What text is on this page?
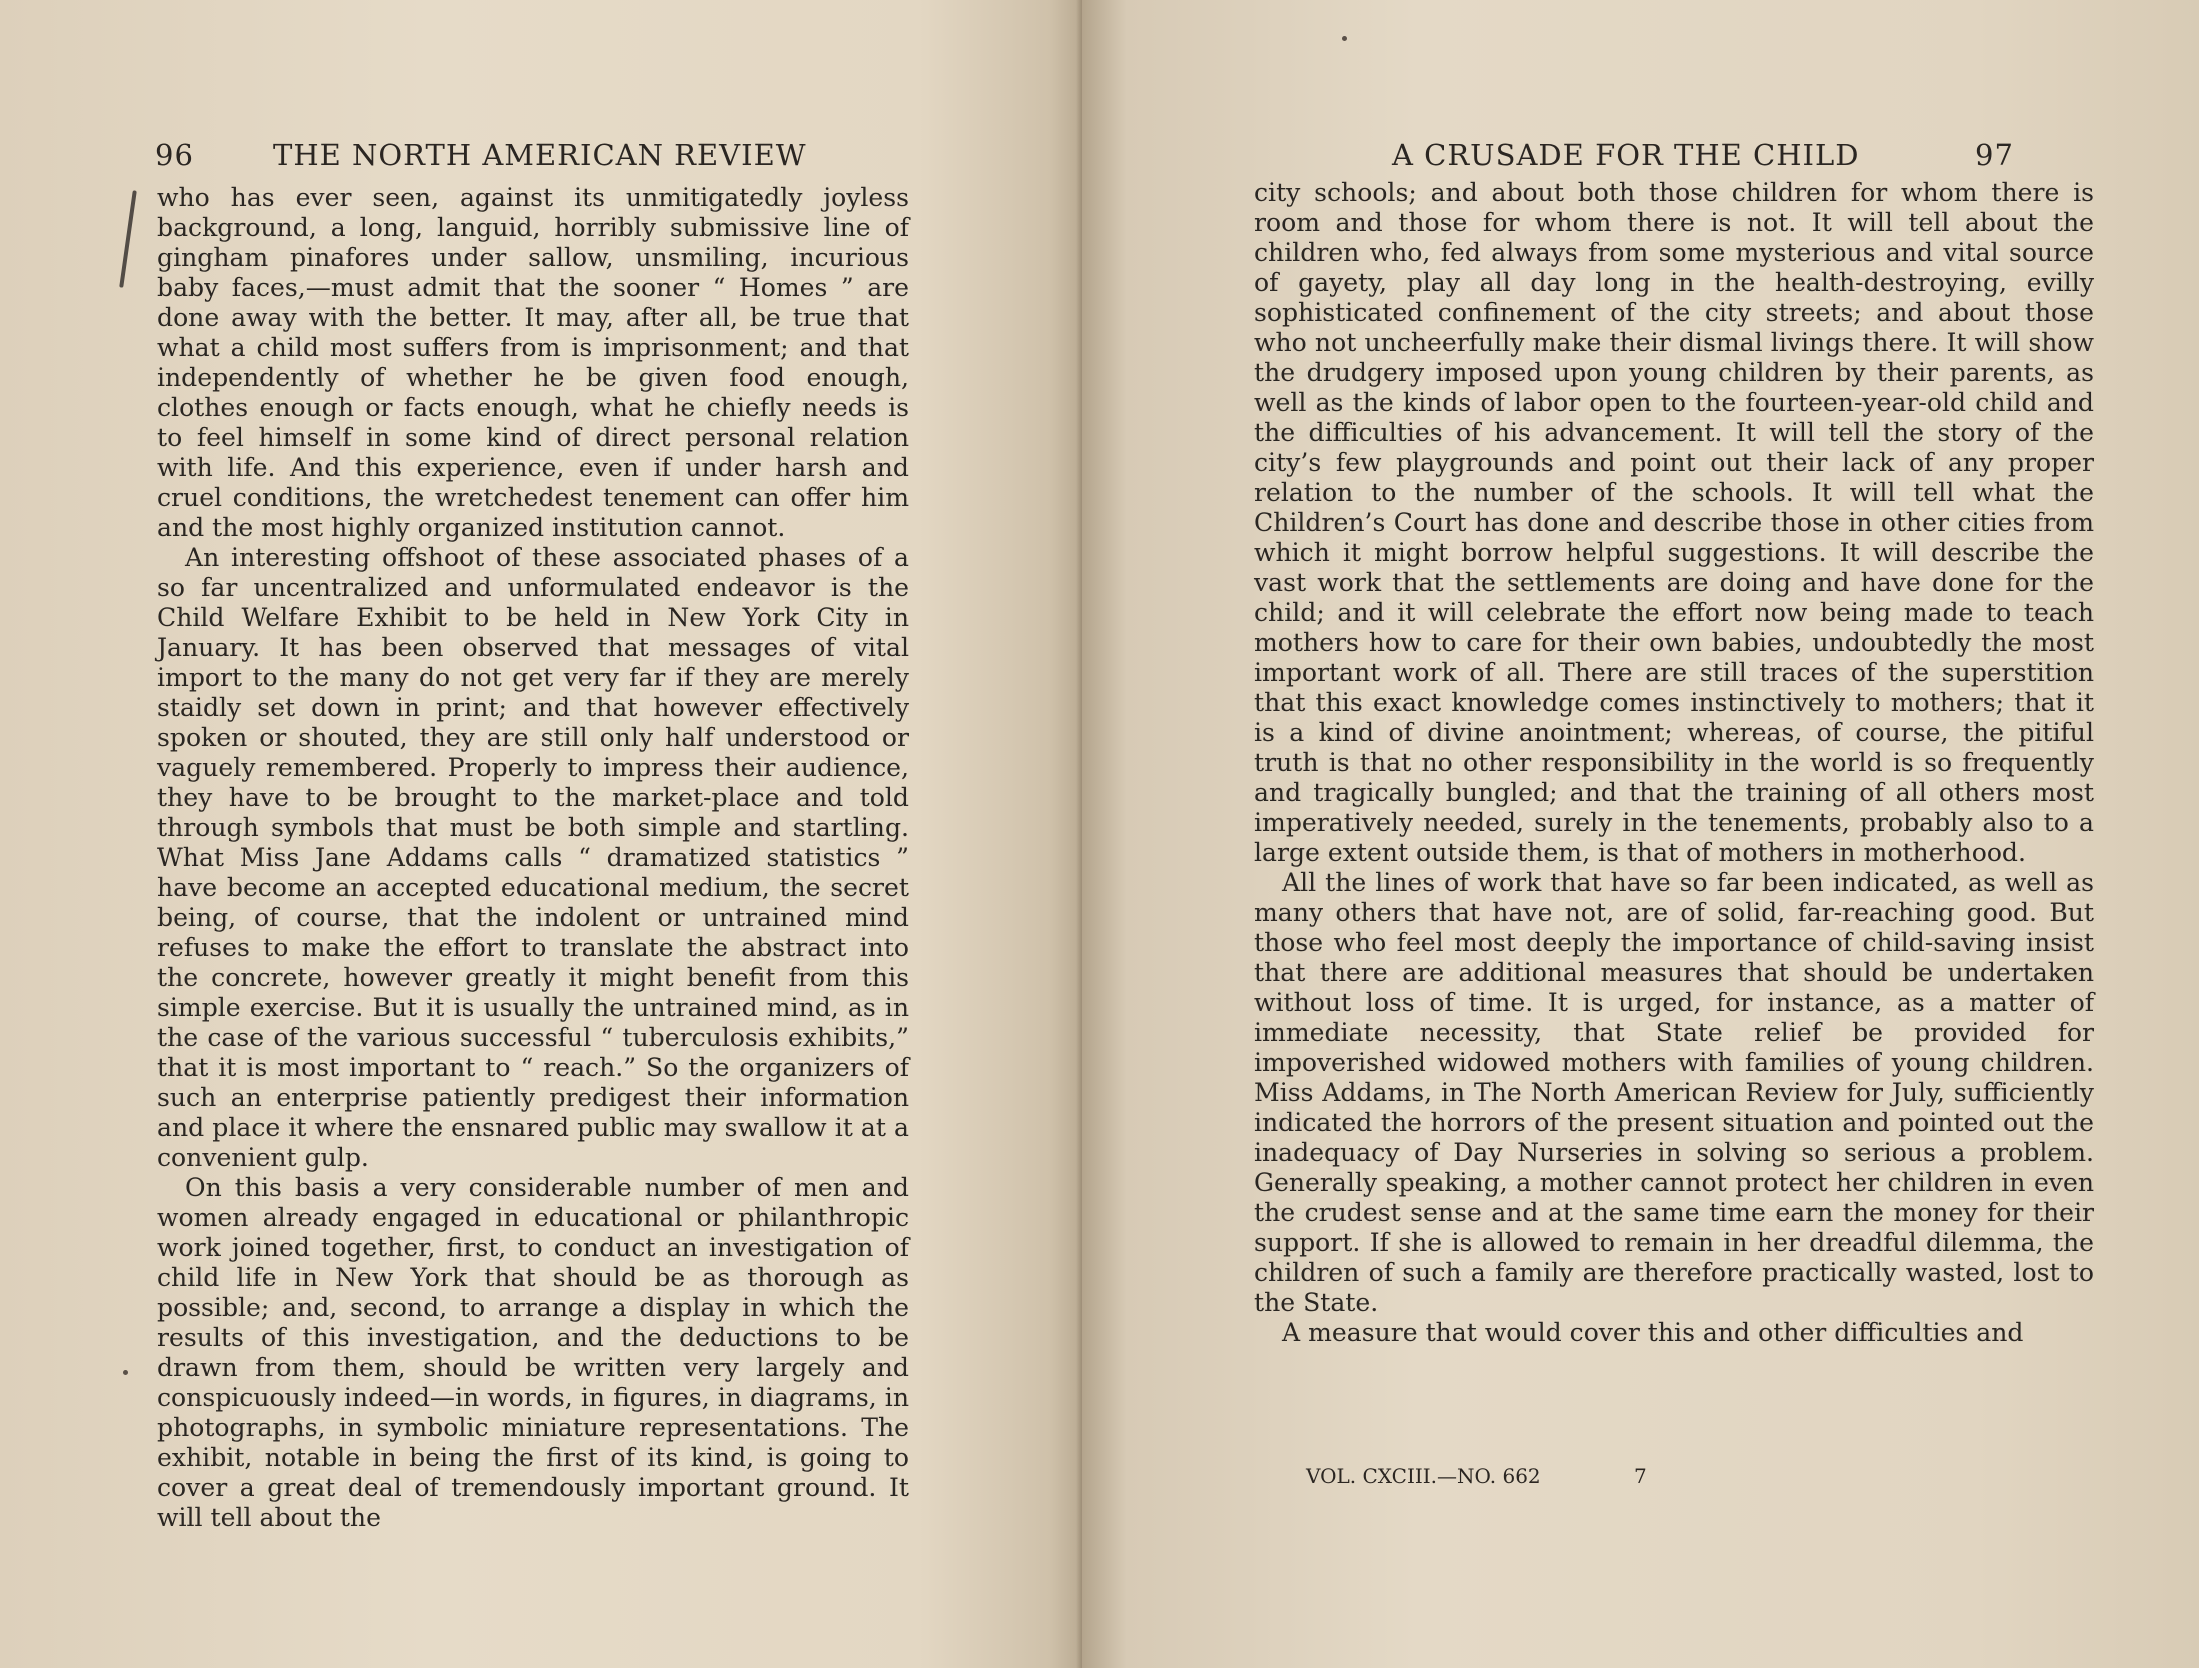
96	THE NORTH AMERICAN REVIEW

who has ever seen, against its unmitigatedly joyless background, a long, languid, horribly submissive line of gingham pinafores under sallow, unsmiling, incurious baby faces,—must admit that the sooner “ Homes ” are done away with the better. It may, after all, be true that what a child most suffers from is imprisonment; and that independently of whether he be given food enough, clothes enough or facts enough, what he chiefly needs is to feel himself in some kind of direct personal relation with life. And this experience, even if under harsh and cruel conditions, the wretchedest tenement can offer him and the most highly organized institution cannot.

An interesting offshoot of these associated phases of a so far uncentralized and unformulated endeavor is the Child Welfare Exhibit to be held in New York City in January. It has been observed that messages of vital import to the many do not get very far if they are merely staidly set down in print; and that however effectively spoken or shouted, they are still only half understood or vaguely remembered. Properly to impress their audience, they have to be brought to the market-place and told through symbols that must be both simple and startling. What Miss Jane Addams calls “ dramatized statistics ” have become an accepted educational medium, the secret being, of course, that the indolent or untrained mind refuses to make the effort to translate the abstract into the concrete, however greatly it might benefit from this simple exercise. But it is usually the untrained mind, as in the case of the various successful “ tuberculosis exhibits,” that it is most important to “ reach.” So the organizers of such an enterprise patiently predigest their information and place it where the ensnared public may swallow it at a convenient gulp.

On this basis a very considerable number of men and women already engaged in educational or philanthropic work joined together, first, to conduct an investigation of child life in New York that should be as thorough as possible; and, second, to arrange a display in which the results of this investigation, and the deductions to be drawn from them, should be written very largely and conspicuously indeed—in words, in figures, in diagrams, in photographs, in symbolic miniature representations. The exhibit, notable in being the first of its kind, is going to cover a great deal of tremendously important ground. It will tell about the

A CRUSADE FOR THE CHILD	97

city schools; and about both those children for whom there is room and those for whom there is not. It will tell about the children who, fed always from some mysterious and vital source of gayety, play all day long in the health-destroying, evilly sophisticated confinement of the city streets; and about those who not uncheerfully make their dismal livings there. It will show the drudgery imposed upon young children by their parents, as well as the kinds of labor open to the fourteen-year-old child and the difficulties of his advancement. It will tell the story of the city’s few playgrounds and point out their lack of any proper relation to the number of the schools. It will tell what the Children’s Court has done and describe those in other cities from which it might borrow helpful suggestions. It will describe the vast work that the settlements are doing and have done for the child; and it will celebrate the effort now being made to teach mothers how to care for their own babies, undoubtedly the most important work of all. There are still traces of the superstition that this exact knowledge comes instinctively to mothers; that it is a kind of divine anointment; whereas, of course, the pitiful truth is that no other responsibility in the world is so frequently and tragically bungled; and that the training of all others most imperatively needed, surely in the tenements, probably also to a large extent outside them, is that of mothers in motherhood.

All the lines of work that have so far been indicated, as well as many others that have not, are of solid, far-reaching good. But those who feel most deeply the importance of child-saving insist that there are additional measures that should be undertaken without loss of time. It is urged, for instance, as a matter of immediate necessity, that State relief be provided for impoverished widowed mothers with families of young children. Miss Addams, in The North American Review for July, sufficiently indicated the horrors of the present situation and pointed out the inadequacy of Day Nurseries in solving so serious a problem. Generally speaking, a mother cannot protect her children in even the crudest sense and at the same time earn the money for their support. If she is allowed to remain in her dreadful dilemma, the children of such a family are therefore practically wasted, lost to the State.

A measure that would cover this and other difficulties and

VOL. CXCIII.—NO. 662	7
